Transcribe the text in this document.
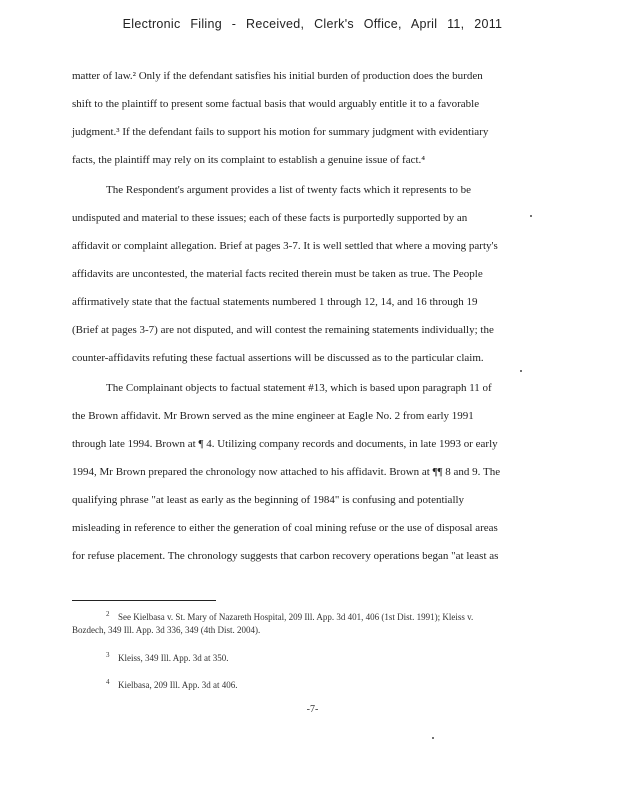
Electronic Filing - Received, Clerk's Office, April 11, 2011
matter of law.² Only if the defendant satisfies his initial burden of production does the burden
shift to the plaintiff to present some factual basis that would arguably entitle it to a favorable
judgment.³ If the defendant fails to support his motion for summary judgment with evidentiary
facts, the plaintiff may rely on its complaint to establish a genuine issue of fact.⁴
The Respondent's argument provides a list of twenty facts which it represents to be
undisputed and material to these issues; each of these facts is purportedly supported by an
affidavit or complaint allegation. Brief at pages 3-7. It is well settled that where a moving party's
affidavits are uncontested, the material facts recited therein must be taken as true. The People
affirmatively state that the factual statements numbered 1 through 12, 14, and 16 through 19
(Brief at pages 3-7) are not disputed, and will contest the remaining statements individually; the
counter-affidavits refuting these factual assertions will be discussed as to the particular claim.
The Complainant objects to factual statement #13, which is based upon paragraph 11 of
the Brown affidavit. Mr Brown served as the mine engineer at Eagle No. 2 from early 1991
through late 1994. Brown at ¶ 4. Utilizing company records and documents, in late 1993 or early
1994, Mr Brown prepared the chronology now attached to his affidavit. Brown at ¶¶ 8 and 9. The
qualifying phrase "at least as early as the beginning of 1984" is confusing and potentially
misleading in reference to either the generation of coal mining refuse or the use of disposal areas
for refuse placement. The chronology suggests that carbon recovery operations began "at least as
2 See Kielbasa v. St. Mary of Nazareth Hospital, 209 Ill. App. 3d 401, 406 (1st Dist. 1991); Kleiss v.
Bozdech, 349 Ill. App. 3d 336, 349 (4th Dist. 2004).
3 Kleiss, 349 Ill. App. 3d at 350.
4 Kielbasa, 209 Ill. App. 3d at 406.
-7-
